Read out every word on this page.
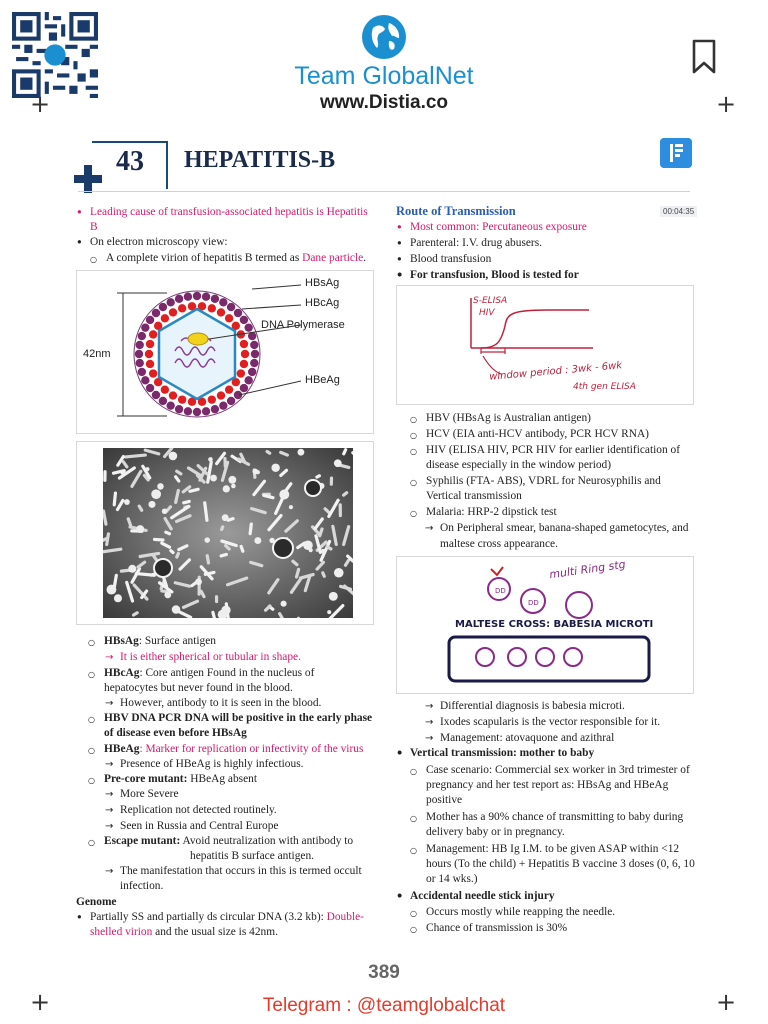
Team GlobalNet
www.Distia.co
+	+
+	+
43	HEPATITIS-B
00:04:35
• Leading cause of transfusion-associated hepatitis is Hepatitis
B
• On electron microscopy view:
○ A complete virion of hepatitis B termed as Dane particle.
42nm
HBsAg
HBcAg
DNA Polymerase
HBeAg
○ HBsAg: Surface antigen
→ It is either spherical or tubular in shape.
○ HBcAg: Core antigen Found in the nucleus of
hepatocytes but never found in the blood.
→ However, antibody to it is seen in the blood.
○ HBV DNA PCR DNA will be positive in the early phase
of disease even before HBsAg
○ HBeAg: Marker for replication or infectivity of the virus
→ Presence of HBeAg is highly infectious.
○ Pre-core mutant: HBeAg absent
→ More Severe
→ Replication not detected routinely.
→ Seen in Russia and Central Europe
○ Escape mutant: Avoid neutralization with antibody to
hepatitis B surface antigen.
→ The manifestation that occurs in this is termed occult
infection.
Genome
• Partially SS and partially ds circular DNA (3.2 kb): Double-
shelled virion and the usual size is 42nm.
Route of Transmission
• Most common: Percutaneous exposure
• Parenteral: I.V. drug abusers.
• Blood transfusion
• For transfusion, Blood is tested for
S-ELISA
HIV
window period : 3wk - 6wk
4th gen ELISA
○ HBV (HBsAg is Australian antigen)
○ HCV (EIA anti-HCV antibody, PCR HCV RNA)
○ HIV (ELISA HIV, PCR HIV for earlier identification of
disease especially in the window period)
○ Syphilis (FTA- ABS), VDRL for Neurosyphilis and
Vertical transmission
○ Malaria: HRP-2 dipstick test
→ On Peripheral smear, banana-shaped gametocytes, and
maltese cross appearance.
DD
DD
multi Ring stg
MALTESE CROSS: BABESIA MICROTI
→ Differential diagnosis is babesia microti.
→ Ixodes scapularis is the vector responsible for it.
→ Management: atovaquone and azithral
• Vertical transmission: mother to baby
○ Case scenario: Commercial sex worker in 3rd trimester of
pregnancy and her test report as: HBsAg and HBeAg
positive
○ Mother has a 90% chance of transmitting to baby during
delivery baby or in pregnancy.
○ Management: HB Ig I.M. to be given ASAP within <12
hours (To the child) + Hepatitis B vaccine 3 doses (0, 6, 10
or 14 wks.)
• Accidental needle stick injury
○ Occurs mostly while reapping the needle.
○ Chance of transmission is 30%
389
Telegram : @teamglobalchat
